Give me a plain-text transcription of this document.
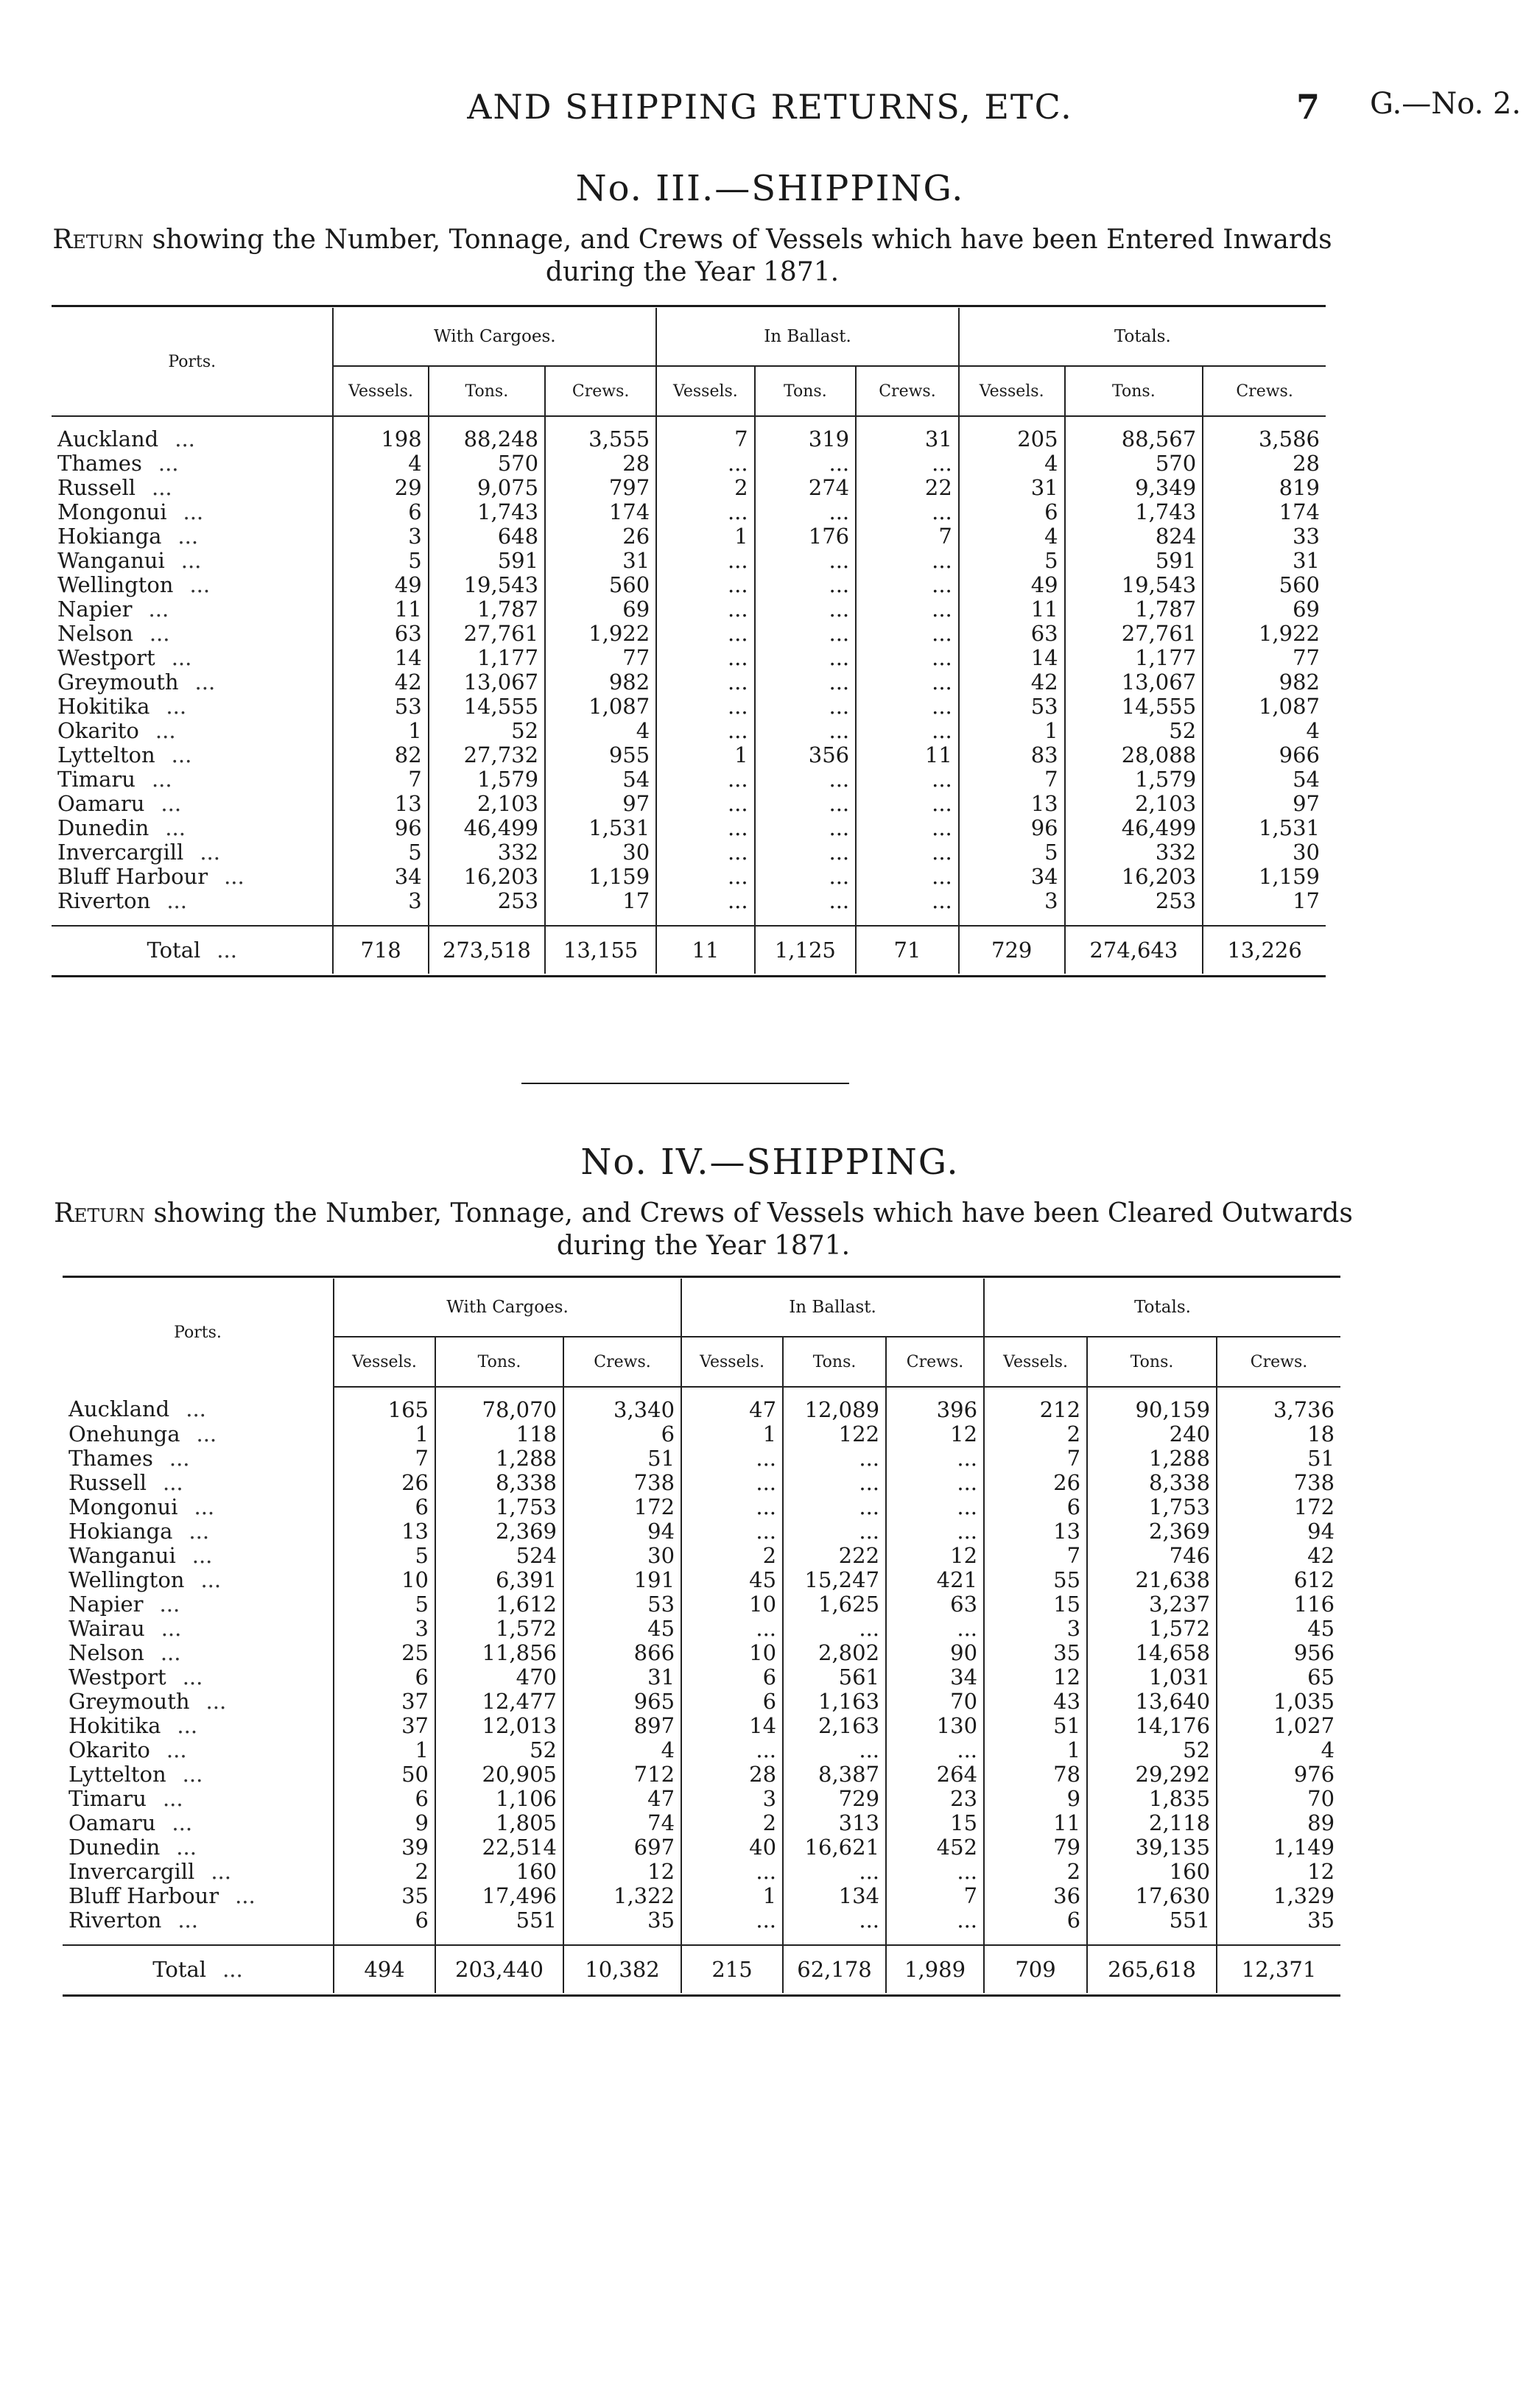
AND SHIPPING RETURNS, ETC.	7 G.—No. 2.
No. III.—SHIPPING.
Return showing the Number, Tonnage, and Crews of Vessels which have been Entered Inwards
during the Year 1871.
Ports.	With Cargoes.			In Ballast.			Totals.		
	Vessels.	Tons.	Crews.	Vessels.	Tons.	Crews.	Vessels.	Tons.	Crews.
Auckland ...	198	88,248	3,555	7	319	31	205	88,567	3,586
Thames ...	4	570	28	...	...	...	4	570	28
Russell ...	29	9,075	797	2	274	22	31	9,349	819
Mongonui ...	6	1,743	174	...	...	...	6	1,743	174
Hokianga ...	3	648	26	1	176	7	4	824	33
Wanganui ...	5	591	31	...	...	...	5	591	31
Wellington ...	49	19,543	560	...	...	...	49	19,543	560
Napier ...	11	1,787	69	...	...	...	11	1,787	69
Nelson ...	63	27,761	1,922	...	...	...	63	27,761	1,922
Westport ...	14	1,177	77	...	...	...	14	1,177	77
Greymouth ...	42	13,067	982	...	...	...	42	13,067	982
Hokitika ...	53	14,555	1,087	...	...	...	53	14,555	1,087
Okarito ...	1	52	4	...	...	...	1	52	4
Lyttelton ...	82	27,732	955	1	356	11	83	28,088	966
Timaru ...	7	1,579	54	...	...	...	7	1,579	54
Oamaru ...	13	2,103	97	...	...	...	13	2,103	97
Dunedin ...	96	46,499	1,531	...	...	...	96	46,499	1,531
Invercargill ...	5	332	30	...	...	...	5	332	30
Bluff Harbour ...	34	16,203	1,159	...	...	...	34	16,203	1,159
Riverton ...	3	253	17	...	...	...	3	253	17
Total ...	718	273,518	13,155	11	1,125	71	729	274,643	13,226
No. IV.—SHIPPING.
Return showing the Number, Tonnage, and Crews of Vessels which have been Cleared Outwards
during the Year 1871.
Ports.	With Cargoes.			In Ballast.			Totals.		
	Vessels.	Tons.	Crews.	Vessels.	Tons.	Crews.	Vessels.	Tons.	Crews.
Auckland ...	165	78,070	3,340	47	12,089	396	212	90,159	3,736
Onehunga ...	1	118	6	1	122	12	2	240	18
Thames ...	7	1,288	51	...	...	...	7	1,288	51
Russell ...	26	8,338	738	...	...	...	26	8,338	738
Mongonui ...	6	1,753	172	...	...	...	6	1,753	172
Hokianga ...	13	2,369	94	...	...	...	13	2,369	94
Wanganui ...	5	524	30	2	222	12	7	746	42
Wellington ...	10	6,391	191	45	15,247	421	55	21,638	612
Napier ...	5	1,612	53	10	1,625	63	15	3,237	116
Wairau ...	3	1,572	45	...	...	...	3	1,572	45
Nelson ...	25	11,856	866	10	2,802	90	35	14,658	956
Westport ...	6	470	31	6	561	34	12	1,031	65
Greymouth ...	37	12,477	965	6	1,163	70	43	13,640	1,035
Hokitika ...	37	12,013	897	14	2,163	130	51	14,176	1,027
Okarito ...	1	52	4	...	...	...	1	52	4
Lyttelton ...	50	20,905	712	28	8,387	264	78	29,292	976
Timaru ...	6	1,106	47	3	729	23	9	1,835	70
Oamaru ...	9	1,805	74	2	313	15	11	2,118	89
Dunedin ...	39	22,514	697	40	16,621	452	79	39,135	1,149
Invercargill ...	2	160	12	...	...	...	2	160	12
Bluff Harbour ...	35	17,496	1,322	1	134	7	36	17,630	1,329
Riverton ...	6	551	35	...	...	...	6	551	35
Total ...	494	203,440	10,382	215	62,178	1,989	709	265,618	12,371
